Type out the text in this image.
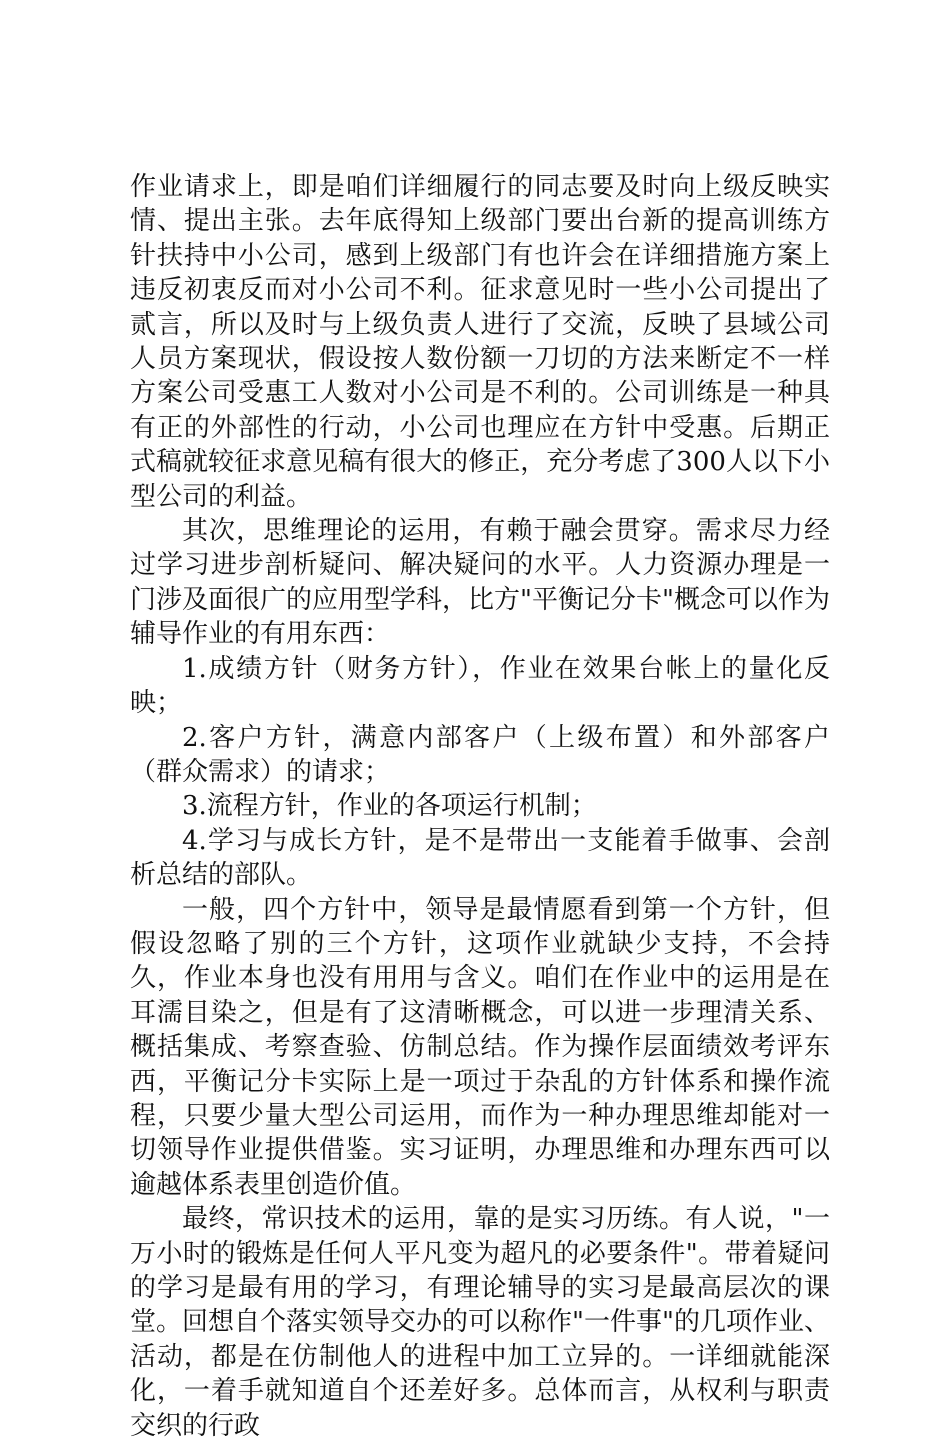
作业请求上，即是咱们详细履行的同志要及时向上级反映实情、提出主张。去年底得知上级部门要出台新的提高训练方针扶持中小公司，感到上级部门有也许会在详细措施方案上违反初衷反而对小公司不利。征求意见时一些小公司提出了贰言，所以及时与上级负责人进行了交流，反映了县域公司人员方案现状，假设按人数份额一刀切的方法来断定不一样方案公司受惠工人数对小公司是不利的。公司训练是一种具有正的外部性的行动，小公司也理应在方针中受惠。后期正式稿就较征求意见稿有很大的修正，充分考虑了300人以下小型公司的利益。

其次，思维理论的运用，有赖于融会贯穿。需求尽力经过学习进步剖析疑问、解决疑问的水平。人力资源办理是一门涉及面很广的应用型学科，比方"平衡记分卡"概念可以作为辅导作业的有用东西：

1.成绩方针（财务方针），作业在效果台帐上的量化反映；

2.客户方针，满意内部客户（上级布置）和外部客户（群众需求）的请求；

3.流程方针，作业的各项运行机制；

4.学习与成长方针，是不是带出一支能着手做事、会剖析总结的部队。

一般，四个方针中，领导是最情愿看到第一个方针，但假设忽略了别的三个方针，这项作业就缺少支持，不会持久，作业本身也没有用用与含义。咱们在作业中的运用是在耳濡目染之，但是有了这清晰概念，可以进一步理清关系、概括集成、考察查验、仿制总结。作为操作层面绩效考评东西，平衡记分卡实际上是一项过于杂乱的方针体系和操作流程，只要少量大型公司运用，而作为一种办理思维却能对一切领导作业提供借鉴。实习证明，办理思维和办理东西可以逾越体系表里创造价值。

最终，常识技术的运用，靠的是实习历练。有人说，"一万小时的锻炼是任何人平凡变为超凡的必要条件"。带着疑问的学习是最有用的学习，有理论辅导的实习是最高层次的课堂。回想自个落实领导交办的可以称作"一件事"的几项作业、活动，都是在仿制他人的进程中加工立异的。一详细就能深化，一着手就知道自个还差好多。总体而言，从权利与职责交织的行政
